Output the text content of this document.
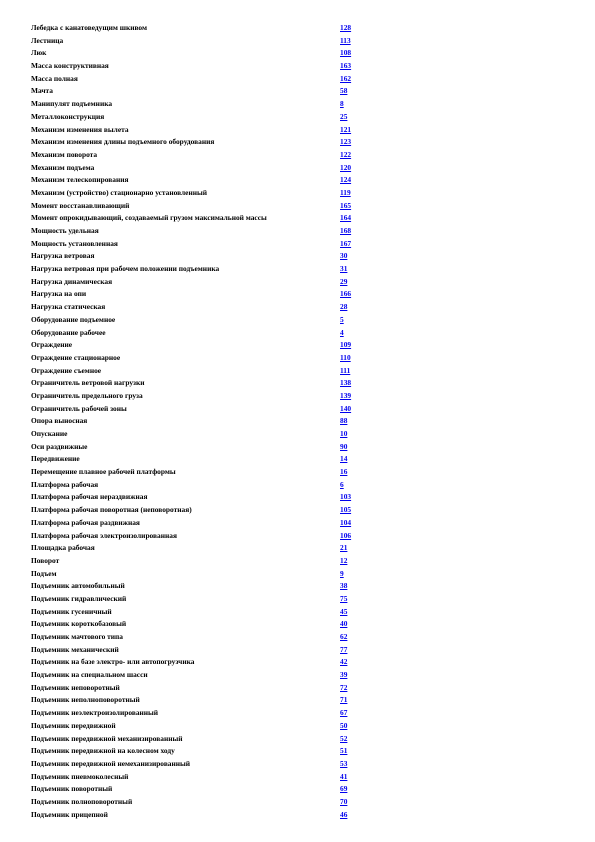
Лебедка с канатоведущим шкивом	128
Лестница	113
Люк	108
Масса конструктивная	163
Масса полная	162
Мачта	58
Манипулят подъемника	8
Металлоконструкция	25
Механизм изменения вылета	121
Механизм изменения длины подъемного оборудования	123
Механизм поворота	122
Механизм подъема	120
Механизм телескопирования	124
Механизм (устройство) стационарно установленный	119
Момент восстанавливающий	165
Момент опрокидывающий, создаваемый грузом максимальной массы	164
Мощность удельная	168
Мощность установленная	167
Нагрузка ветровая	30
Нагрузка ветровая при рабочем положении подъемника	31
Нагрузка динамическая	29
Нагрузка на опи	166
Нагрузка статическая	28
Оборудование подъемное	5
Оборудование рабочее	4
Ограждение	109
Ограждение стационарное	110
Ограждение съемное	111
Ограничитель ветровой нагрузки	138
Ограничитель предельного груза	139
Ограничитель рабочей зоны	140
Опора выносная	88
Опускание	10
Оси раздвижные	90
Передвижение	14
Перемещение плавное рабочей платформы	16
Платформа рабочая	6
Платформа рабочая нераздвижная	103
Платформа рабочая поворотная (неповоротная)	105
Платформа рабочая раздвижная	104
Платформа рабочая электроизолированная	106
Площадка рабочая	21
Поворот	12
Подъем	9
Подъемник автомобильный	38
Подъемник гидравлический	75
Подъемник гусеничный	45
Подъемник короткобазовый	40
Подъемник мачтового типа	62
Подъемник механический	77
Подъемник на базе электро- или автопогрузчика	42
Подъемник на специальном шасси	39
Подъемник неповоротный	72
Подъемник неполноповоротный	71
Подъемник неэлектроизолированный	67
Подъемник передвижной	50
Подъемник передвижной механизированный	52
Подъемник передвижной на колесном ходу	51
Подъемник передвижной немеханизированный	53
Подъемник пневмоколесный	41
Подъемник поворотный	69
Подъемник полноповоротный	70
Подъемник прицепной	46
